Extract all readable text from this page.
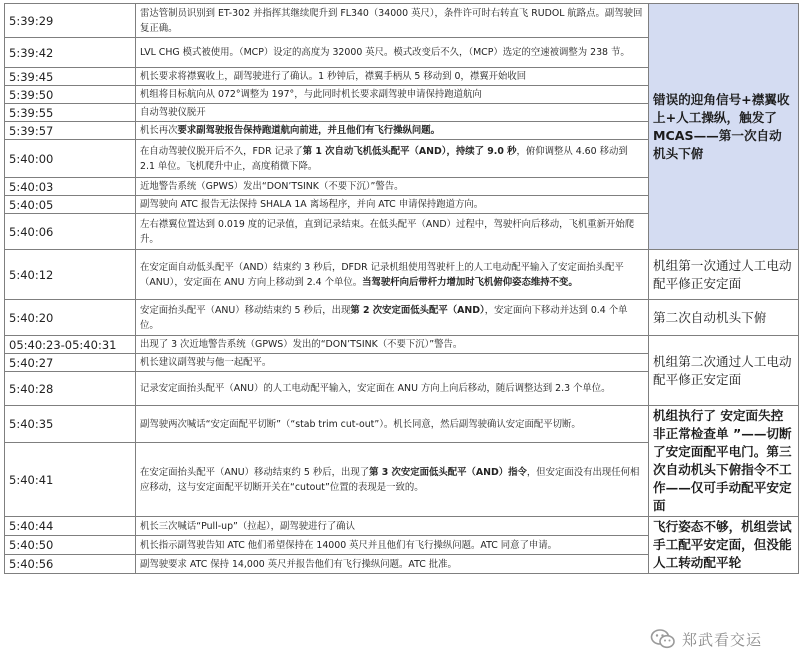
5:39:29	雷达管制员识别到 ET-302 并指挥其继续爬升到 FL340（34000 英尺），条件许可时右转直飞 RUDOL 航路点。副驾驶回复正确。	错误的迎角信号+襟翼收上+人工操纵，触发了 MCAS——第一次自动机头下俯
5:39:42	LVL CHG 模式被使用。（MCP）设定的高度为 32000 英尺。模式改变后不久，（MCP）选定的空速被调整为 238 节。	
5:39:45	机长要求将襟翼收上，副驾驶进行了确认。1 秒钟后，襟翼手柄从 5 移动到 0，襟翼开始收回	
5:39:50	机组将目标航向从 072°调整为 197°，与此同时机长要求副驾驶申请保持跑道航向	
5:39:55	自动驾驶仪脱开	
5:39:57	机长再次要求副驾驶报告保持跑道航向前进，并且他们有飞行操纵问题。	
5:40:00	在自动驾驶仪脱开后不久，FDR 记录了第 1 次自动飞机低头配平（AND），持续了 9.0 秒，俯仰调整从 4.60 移动到 2.1 单位。飞机爬升中止，高度稍微下降。	
5:40:03	近地警告系统（GPWS）发出“DON’TSINK（不要下沉）”警告。	
5:40:05	副驾驶向 ATC 报告无法保持 SHALA 1A 离场程序，并向 ATC 申请保持跑道方向。	
5:40:06	左右襟翼位置达到 0.019 度的记录值，直到记录结束。在低头配平（AND）过程中，驾驶杆向后移动，飞机重新开始爬升。	
5:40:12	在安定面自动低头配平（AND）结束约 3 秒后，DFDR 记录机组使用驾驶杆上的人工电动配平输入了安定面抬头配平（ANU），安定面在 ANU 方向上移动到 2.4 个单位。当驾驶杆向后带杆力增加时飞机俯仰姿态维持不变。	机组第一次通过人工电动配平修正安定面
5:40:20	安定面抬头配平（ANU）移动结束约 5 秒后，出现第 2 次安定面低头配平（AND），安定面向下移动并达到 0.4 个单位。	第二次自动机头下俯
05:40:23-05:40:31	出现了 3 次近地警告系统（GPWS）发出的“DON’TSINK（不要下沉）”警告。	机组第二次通过人工电动配平修正安定面
5:40:27	机长建议副驾驶与他一起配平。	
5:40:28	记录安定面抬头配平（ANU）的人工电动配平输入，安定面在 ANU 方向上向后移动，随后调整达到 2.3 个单位。	
5:40:35	副驾驶两次喊话“安定面配平切断”（“stab trim cut-out”）。机长同意，然后副驾驶确认安定面配平切断。	机组执行了 安定面失控非正常检查单 ”——切断了安定面配平电门。第三次自动机头下俯指令不工作——仅可手动配平安定面
5:40:41	在安定面抬头配平（ANU）移动结束约 5 秒后，出现了第 3 次安定面低头配平（AND）指令，但安定面没有出现任何相应移动，这与安定面配平切断开关在“cutout”位置的表现是一致的。	
5:40:44	机长三次喊话“Pull-up”（拉起），副驾驶进行了确认	飞行姿态不够，机组尝试手工配平安定面，但没能人工转动配平轮
5:40:50	机长指示副驾驶告知 ATC 他们希望保持在 14000 英尺并且他们有飞行操纵问题。ATC 同意了申请。	
5:40:56	副驾驶要求 ATC 保持 14,000 英尺并报告他们有飞行操纵问题。ATC 批准。	
郑武看交运
